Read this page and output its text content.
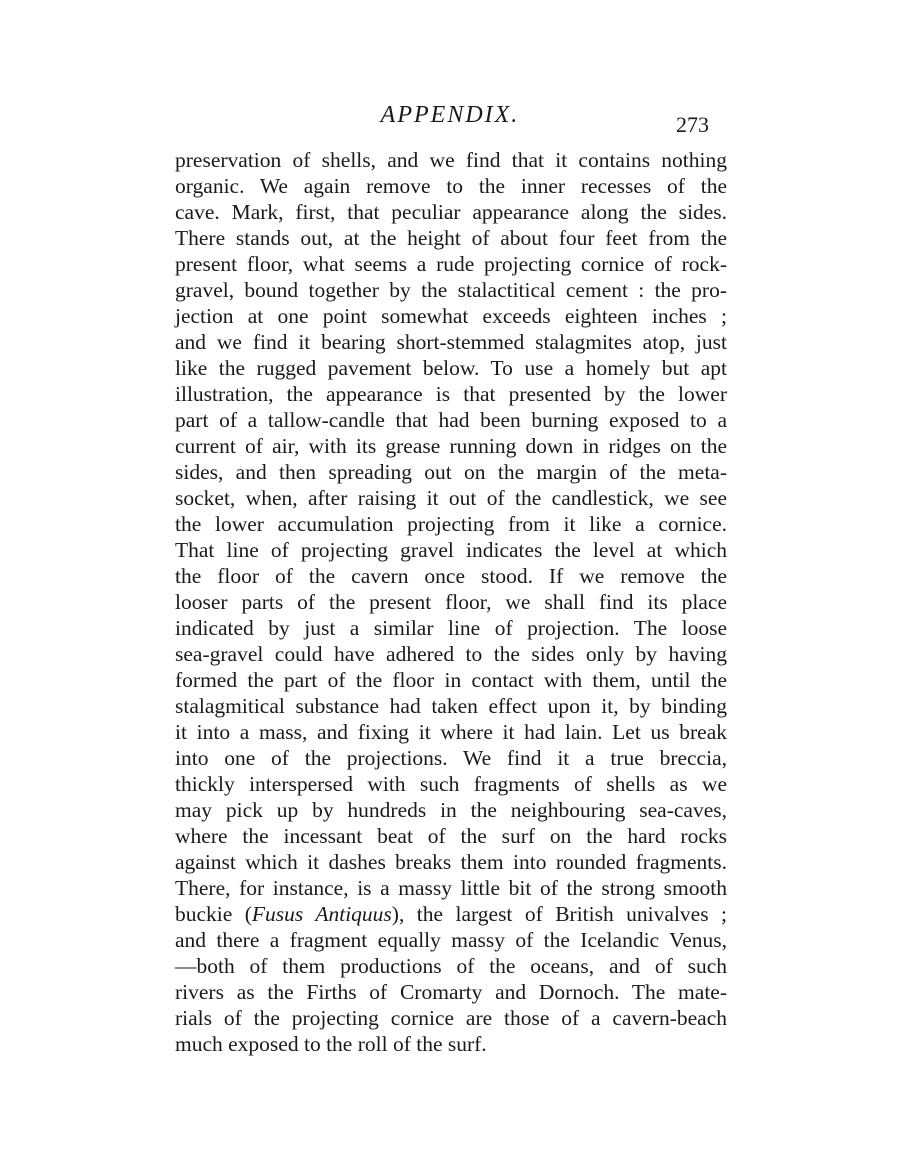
APPENDIX.	273
preservation of shells, and we find that it contains nothing
organic. We again remove to the inner recesses of the
cave. Mark, first, that peculiar appearance along the sides.
There stands out, at the height of about four feet from the
present floor, what seems a rude projecting cornice of rock-
gravel, bound together by the stalactitical cement : the pro-
jection at one point somewhat exceeds eighteen inches ;
and we find it bearing short-stemmed stalagmites atop, just
like the rugged pavement below. To use a homely but apt
illustration, the appearance is that presented by the lower
part of a tallow-candle that had been burning exposed to a
current of air, with its grease running down in ridges on the
sides, and then spreading out on the margin of the meta-
socket, when, after raising it out of the candlestick, we see
the lower accumulation projecting from it like a cornice.
That line of projecting gravel indicates the level at which
the floor of the cavern once stood. If we remove the
looser parts of the present floor, we shall find its place
indicated by just a similar line of projection. The loose
sea-gravel could have adhered to the sides only by having
formed the part of the floor in contact with them, until the
stalagmitical substance had taken effect upon it, by binding
it into a mass, and fixing it where it had lain. Let us break
into one of the projections. We find it a true breccia,
thickly interspersed with such fragments of shells as we
may pick up by hundreds in the neighbouring sea-caves,
where the incessant beat of the surf on the hard rocks
against which it dashes breaks them into rounded fragments.
There, for instance, is a massy little bit of the strong smooth
buckie (Fusus Antiquus), the largest of British univalves ;
and there a fragment equally massy of the Icelandic Venus,
—both of them productions of the oceans, and of such
rivers as the Firths of Cromarty and Dornoch. The mate-
rials of the projecting cornice are those of a cavern-beach
much exposed to the roll of the surf.
